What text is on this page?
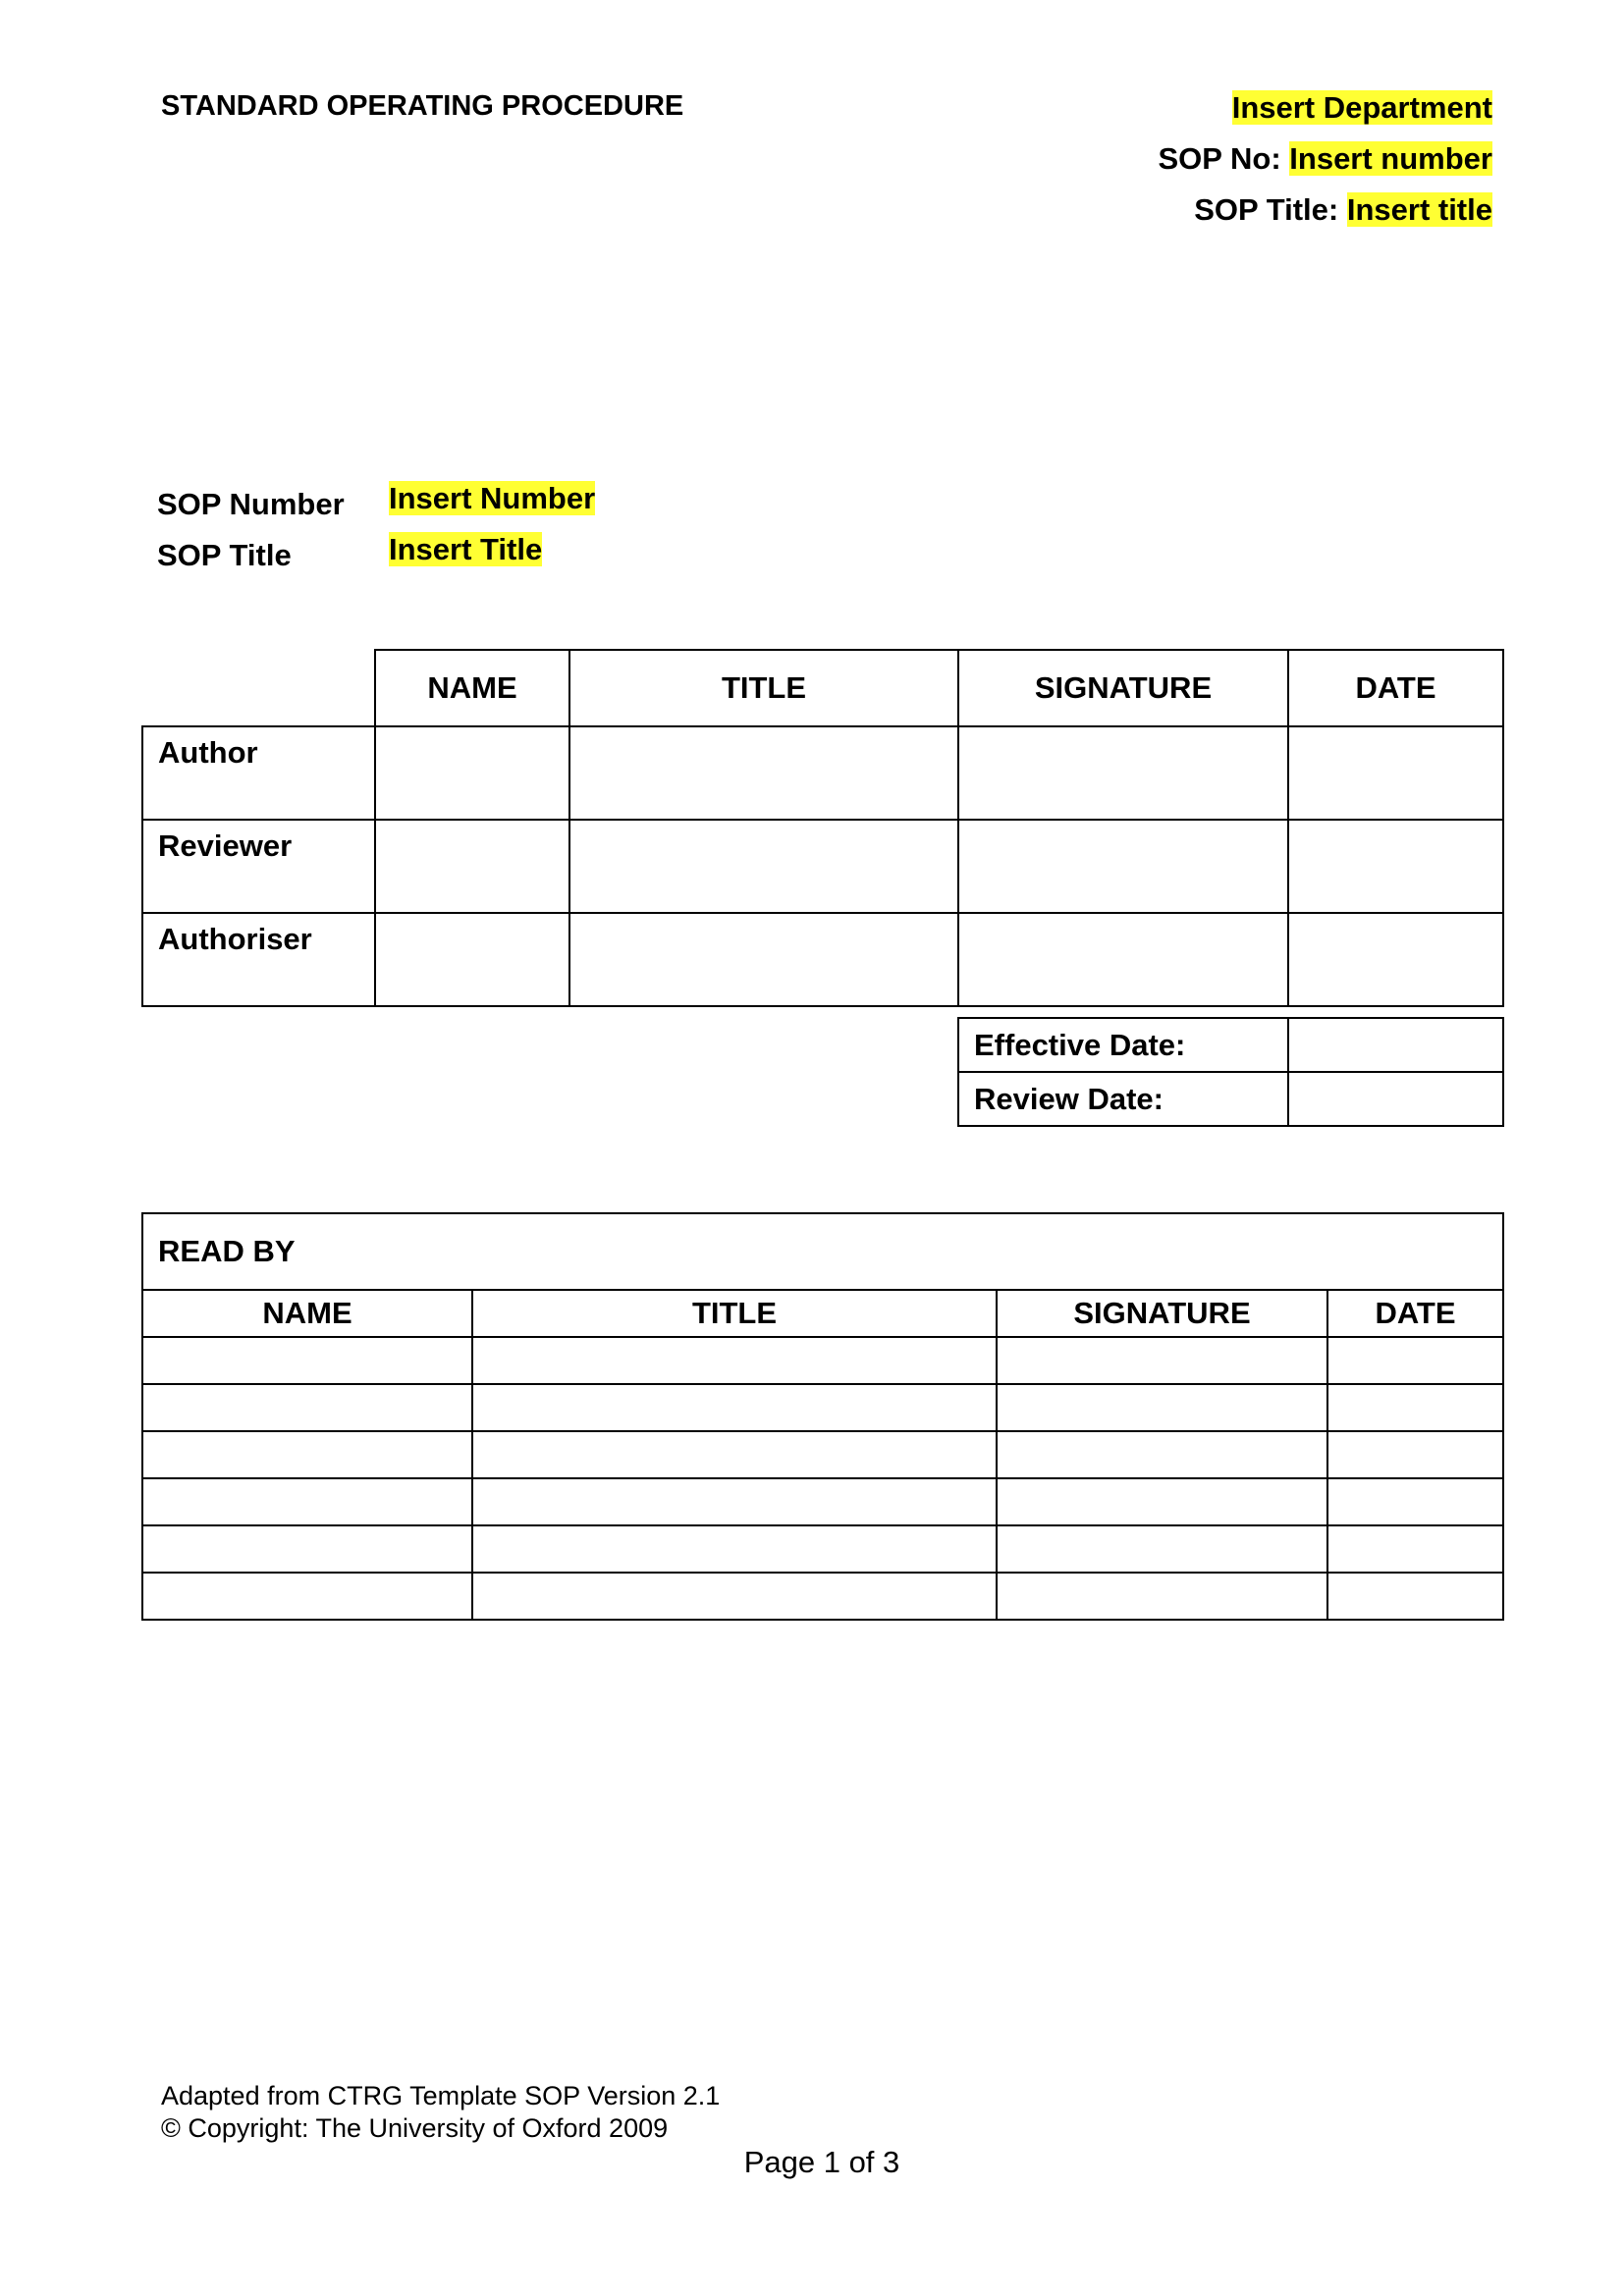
STANDARD OPERATING PROCEDURE	Insert Department
SOP No: Insert number
SOP Title: Insert title
SOP Number Insert Number
SOP Title	Insert Title
	NAME	TITLE	SIGNATURE	DATE
Author				
Reviewer				
Authoriser				
Effective Date:	
Review Date:	
READ BY			
NAME	TITLE	SIGNATURE	DATE

Adapted from CTRG Template SOP Version 2.1
© Copyright: The University of Oxford 2009
Page 1 of 3
